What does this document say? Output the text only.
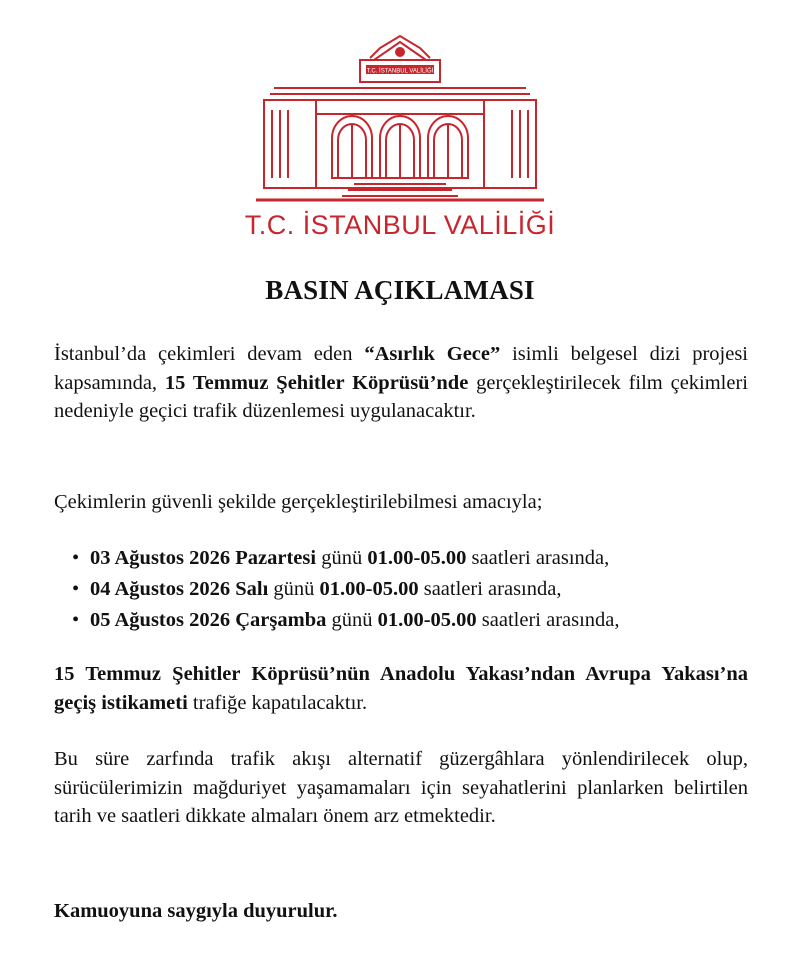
T.C. İSTANBUL VALİLİĞİ
T.C. İSTANBUL VALİLİĞİ
BASIN AÇIKLAMASI

İstanbul’da çekimleri devam eden “Asırlık Gece” isimli belgesel dizi projesi kapsamında, 15 Temmuz Şehitler Köprüsü’nde gerçekleştirilecek film çekimleri nedeniyle geçici trafik düzenlemesi uygulanacaktır.

Çekimlerin güvenli şekilde gerçekleştirilebilmesi amacıyla;

• 03 Ağustos 2026 Pazartesi günü 01.00-05.00 saatleri arasında,
• 04 Ağustos 2026 Salı günü 01.00-05.00 saatleri arasında,
• 05 Ağustos 2026 Çarşamba günü 01.00-05.00 saatleri arasında,

15 Temmuz Şehitler Köprüsü’nün Anadolu Yakası’ndan Avrupa Yakası’na geçiş istikameti trafiğe kapatılacaktır.

Bu süre zarfında trafik akışı alternatif güzergâhlara yönlendirilecek olup, sürücülerimizin mağduriyet yaşamamaları için seyahatlerini planlarken belirtilen tarih ve saatleri dikkate almaları önem arz etmektedir.

Kamuoyuna saygıyla duyurulur.
